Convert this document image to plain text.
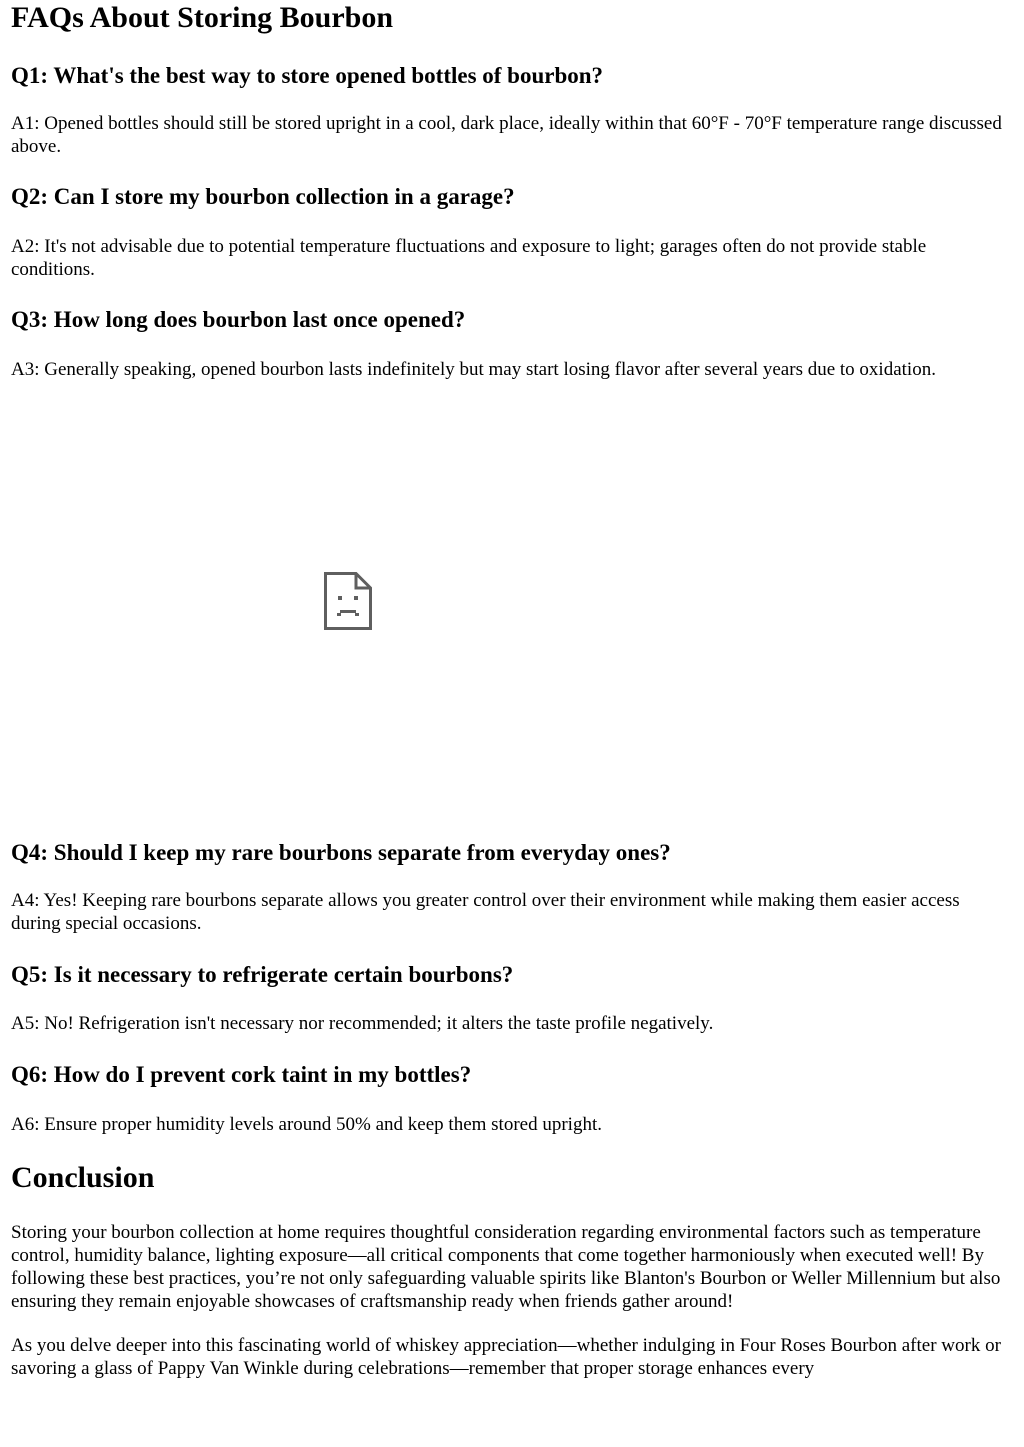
FAQs About Storing Bourbon
Q1: What's the best way to store opened bottles of bourbon?

A1: Opened bottles should still be stored upright in a cool, dark place, ideally within that 60°F - 70°F temperature range discussed above.

Q2: Can I store my bourbon collection in a garage?

A2: It's not advisable due to potential temperature fluctuations and exposure to light; garages often do not provide stable conditions.

Q3: How long does bourbon last once opened?

A3: Generally speaking, opened bourbon lasts indefinitely but may start losing flavor after several years due to oxidation.

Q4: Should I keep my rare bourbons separate from everyday ones?

A4: Yes! Keeping rare bourbons separate allows you greater control over their environment while making them easier access during special occasions.

Q5: Is it necessary to refrigerate certain bourbons?

A5: No! Refrigeration isn't necessary nor recommended; it alters the taste profile negatively.

Q6: How do I prevent cork taint in my bottles?

A6: Ensure proper humidity levels around 50% and keep them stored upright.

Conclusion

Storing your bourbon collection at home requires thoughtful consideration regarding environmental factors such as temperature control, humidity balance, lighting exposure—all critical components that come together harmoniously when executed well! By following these best practices, you’re not only safeguarding valuable spirits like Blanton's Bourbon or Weller Millennium but also ensuring they remain enjoyable showcases of craftsmanship ready when friends gather around!

As you delve deeper into this fascinating world of whiskey appreciation—whether indulging in Four Roses Bourbon after work or savoring a glass of Pappy Van Winkle during celebrations—remember that proper storage enhances every
